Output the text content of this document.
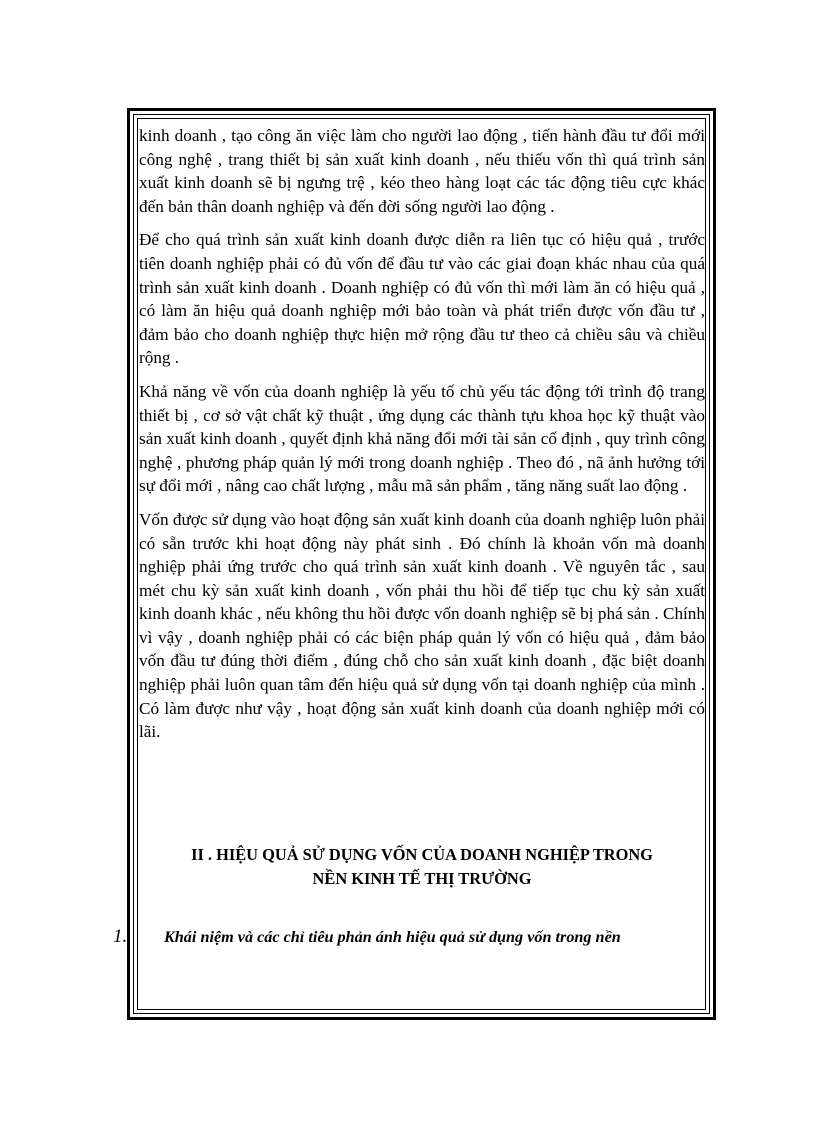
kinh doanh , tạo công ăn việc làm cho người lao động , tiến hành đầu tư đổi mới công nghệ , trang thiết bị sản xuất kinh doanh , nếu thiếu vốn thì quá trình sản xuất kinh doanh sẽ bị ngưng trệ , kéo theo hàng loạt các tác động tiêu cực khác đến bản thân doanh nghiệp và đến đời sống người lao động .

Để cho quá trình sản xuất kinh doanh được diễn ra liên tục có hiệu quả , trước tiên doanh nghiệp phải có đủ vốn để đầu tư vào các giai đoạn khác nhau của quá trình sản xuất kinh doanh . Doanh nghiệp có đủ vốn thì mới làm ăn có hiệu quả , có làm ăn hiệu quả doanh nghiệp mới bảo toàn và phát triển được vốn đầu tư , đảm bảo cho doanh nghiệp thực hiện mở rộng đầu tư theo cả chiều sâu và chiều rộng .

Khả năng về vốn của doanh nghiệp là yếu tố chủ yếu tác động tới trình độ trang thiết bị , cơ sở vật chất kỹ thuật , ứng dụng các thành tựu khoa học kỹ thuật vào sản xuất kinh doanh , quyết định khả năng đổi mới tài sản cố định , quy trình công nghệ , phương pháp quản lý mới trong doanh nghiệp . Theo đó , nã ảnh hưởng tới sự đổi mới , nâng cao chất lượng , mẫu mã sản phẩm , tăng năng suất lao động .

Vốn được sử dụng vào hoạt động sản xuất kinh doanh của doanh nghiệp luôn phải có sẵn trước khi hoạt động này phát sinh . Đó chính là khoản vốn mà doanh nghiệp phải ứng trước cho quá trình sản xuất kinh doanh . Về nguyên tắc , sau mét chu kỳ sản xuất kinh doanh , vốn phải thu hồi để tiếp tục chu kỳ sản xuất kinh doanh khác , nếu không thu hồi được vốn doanh nghiệp sẽ bị phá sản . Chính vì vậy , doanh nghiệp phải có các biện pháp quản lý vốn có hiệu quả , đảm bảo vốn đầu tư đúng thời điểm , đúng chỗ cho sản xuất kinh doanh , đặc biệt doanh nghiệp phải luôn quan tâm đến hiệu quả sử dụng vốn tại doanh nghiệp của mình . Có làm được như vậy , hoạt động sản xuất kinh doanh của doanh nghiệp mới có lãi.

II . HIỆU QUẢ SỬ DỤNG VỐN CỦA DOANH NGHIỆP TRONG
NỀN KINH TẾ THỊ TRƯỜNG
1. Khái niệm và các chỉ tiêu phản ánh hiệu quả sử dụng vốn trong nền
